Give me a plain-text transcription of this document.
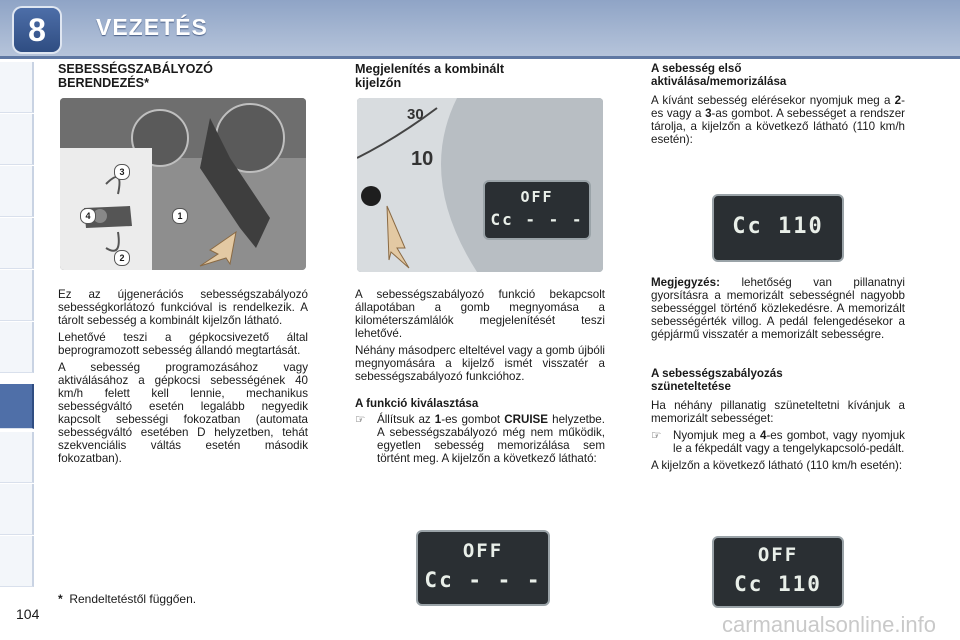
8	VEZETÉS
SEBESSÉGSZABÁLYOZÓ
BERENDEZÉS*
3
1
2
4

Ez az újgenerációs sebességszabályozó sebességkorlátozó funkcióval is rendelkezik. A tárolt sebesség a kombinált kijelzőn látható.

Lehetővé teszi a gépkocsivezető által beprogramozott sebesség állandó megtartását.

A sebesség programozásához vagy aktiválásához a gépkocsi sebességének 40 km/h felett kell lennie, mechanikus sebességváltó esetén legalább negyedik kapcsolt sebességi fokozatban (automata sebességváltó esetében D helyzetben, tehát szekvenciális váltás esetén második fokozatban).

Megjelenítés a kombinált
kijelzőn
30
10
OFF
Cc - - -

A sebességszabályozó funkció bekapcsolt állapotában a gomb megnyomása a kilométerszámlálók megjelenítését teszi lehetővé.

Néhány másodperc elteltével vagy a gomb újbóli megnyomására a kijelző ismét visszatér a sebességszabályozó funkcióhoz.

A funkció kiválasztása
☞ Állítsuk az 1-es gombot CRUISE helyzetbe. A sebességszabályozó még nem működik, egyetlen sebesség memorizálása sem történt meg. A kijelzőn a következő látható:
OFF
Cc - - -
A sebesség első
aktiválása/memorizálása

A kívánt sebesség elérésekor nyomjuk meg a 2-es vagy a 3-as gombot. A sebességet a rendszer tárolja, a kijelzőn a következő látható (110 km/h esetén):

Cc 110

Megjegyzés: lehetőség van pillanatnyi gyorsításra a memorizált sebességnél nagyobb sebességgel történő közlekedésre. A memorizált sebességérték villog. A pedál felengedésekor a gépjármű visszatér a memorizált sebességre.

A sebességszabályozás
szüneteltetése

Ha néhány pillanatig szüneteltetni kívánjuk a memorizált sebességet:

☞ Nyomjuk meg a 4-es gombot, vagy nyomjuk le a fékpedált vagy a tengelykapcsoló-pedált.

A kijelzőn a következő látható (110 km/h esetén):

OFF
Cc 110
* Rendeltetéstől függően.
104	carmanualsonline.info
